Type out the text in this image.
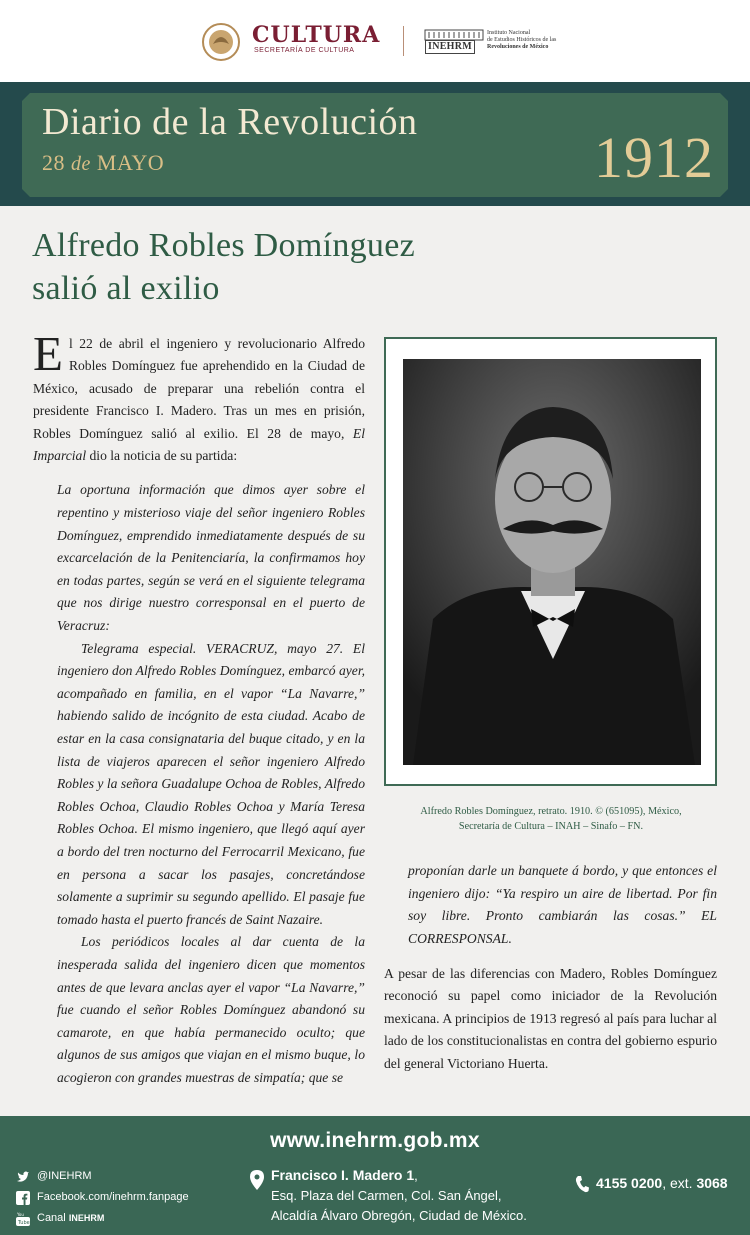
CULTURA
SECRETARÍA DE CULTURA	INEHRM
Instituto Nacional
de Estudios Históricos de las
Revoluciones de México
Diario de la Revolución
28 de MAYO	1912
Alfredo Robles Domínguez
salió al exilio

El 22 de abril el ingeniero y revolucionario Alfredo Robles Domínguez fue aprehendido en la Ciudad de México, acusado de preparar una rebelión contra el presidente Francisco I. Madero. Tras un mes en prisión, Robles Domínguez salió al exilio. El 28 de mayo, El Imparcial dio la noticia de su partida:

La oportuna información que dimos ayer sobre el repentino y misterioso viaje del señor ingeniero Robles Domínguez, emprendido inmediatamente después de su excarcelación de la Penitenciaría, la confirmamos hoy en todas partes, según se verá en el siguiente telegrama que nos dirige nuestro corresponsal en el puerto de Veracruz:

Telegrama especial. VERACRUZ, mayo 27. El ingeniero don Alfredo Robles Domínguez, embarcó ayer, acompañado en familia, en el vapor “La Navarre,” habiendo salido de incógnito de esta ciudad. Acabo de estar en la casa consignataria del buque citado, y en la lista de viajeros aparecen el señor ingeniero Alfredo Robles y la señora Guadalupe Ochoa de Robles, Alfredo Robles Ochoa, Claudio Robles Ochoa y María Teresa Robles Ochoa. El mismo ingeniero, que llegó aquí ayer a bordo del tren nocturno del Ferrocarril Mexicano, fue en persona a sacar los pasajes, concretándose solamente a suprimir su segundo apellido. El pasaje fue tomado hasta el puerto francés de Saint Nazaire.

Los periódicos locales al dar cuenta de la inesperada salida del ingeniero dicen que momentos antes de que levara anclas ayer el vapor “La Navarre,” fue cuando el señor Robles Domínguez abandonó su camarote, en que había permanecido oculto; que algunos de sus amigos que viajan en el mismo buque, lo acogieron con grandes muestras de simpatía; que se

Alfredo Robles Domínguez, retrato. 1910. © (651095), México,
Secretaría de Cultura – INAH – Sinafo – FN.

proponían darle un banquete á bordo, y que entonces el ingeniero dijo: “Ya respiro un aire de libertad. Por fin soy libre. Pronto cambiarán las cosas.” EL CORRESPONSAL.

A pesar de las diferencias con Madero, Robles Domínguez reconoció su papel como iniciador de la Revolución mexicana. A principios de 1913 regresó al país para luchar al lado de los constitucionalistas en contra del gobierno espurio del general Victoriano Huerta.

www.inehrm.gob.mx
@INEHRM
Facebook.com/inehrm.fanpage
You
Tube Canal
INEHRM
Francisco I. Madero 1,
Esq. Plaza del Carmen, Col. San Ángel,
Alcaldía Álvaro Obregón, Ciudad de México.
4155 0200, ext. 3068
